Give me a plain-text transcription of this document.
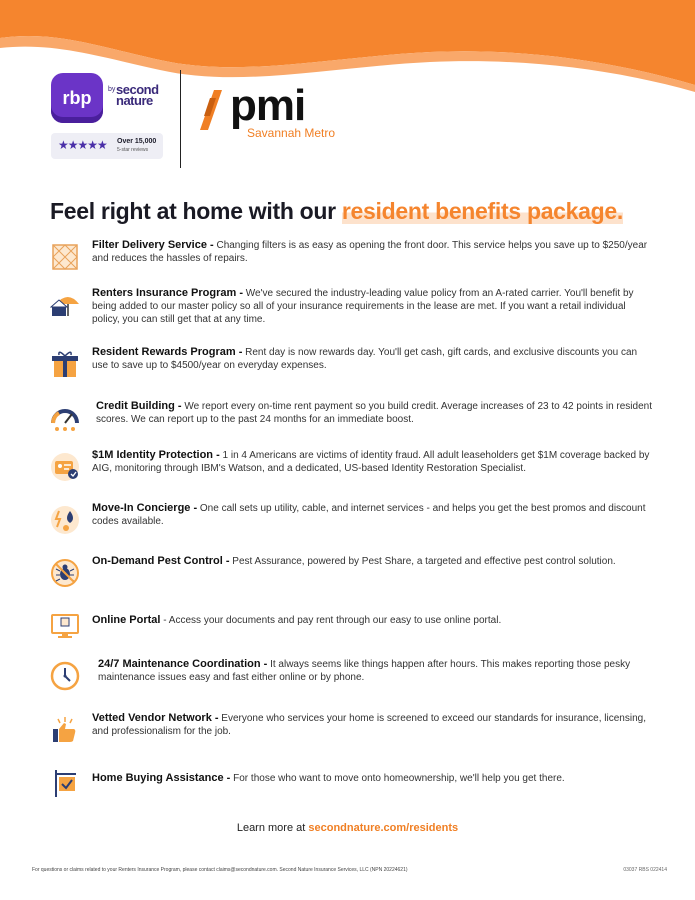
rbp by second nature
★★★★★ Over 15,000
5-star reviews
pmi
Savannah Metro
Feel right at home with our resident benefits package.
Filter Delivery Service - Changing filters is as easy as opening the front door. This service helps you save up to $250/year and reduces the hassles of repairs.
Renters Insurance Program - We've secured the industry-leading value policy from an A-rated carrier. You'll benefit by being added to our master policy so all of your insurance requirements in the lease are met. If you want a retail individual policy, you can still get that at any time.
Resident Rewards Program - Rent day is now rewards day. You'll get cash, gift cards, and exclusive discounts you can use to save up to $4500/year on everyday expenses.
Credit Building - We report every on-time rent payment so you build credit. Average increases of 23 to 42 points in resident scores. We can report up to the past 24 months for an immediate boost.
$1M Identity Protection - 1 in 4 Americans are victims of identity fraud. All adult leaseholders get $1M coverage backed by AIG, monitoring through IBM's Watson, and a dedicated, US-based Identity Restoration Specialist.
Move-In Concierge - One call sets up utility, cable, and internet services - and helps you get the best promos and discount codes available.
On-Demand Pest Control - Pest Assurance, powered by Pest Share, a targeted and effective pest control solution.
Online Portal - Access your documents and pay rent through our easy to use online portal.
24/7 Maintenance Coordination - It always seems like things happen after hours. This makes reporting those pesky maintenance issues easy and fast either online or by phone.
Vetted Vendor Network - Everyone who services your home is screened to exceed our standards for insurance, licensing, and professionalism for the job.
Home Buying Assistance - For those who want to move onto homeownership, we'll help you get there.
Learn more at secondnature.com/residents
For questions or claims related to your Renters Insurance Program, please contact claims@secondnature.com. Second Nature Insurance Services, LLC (NPN 20224621)	03037 RBS 022414
